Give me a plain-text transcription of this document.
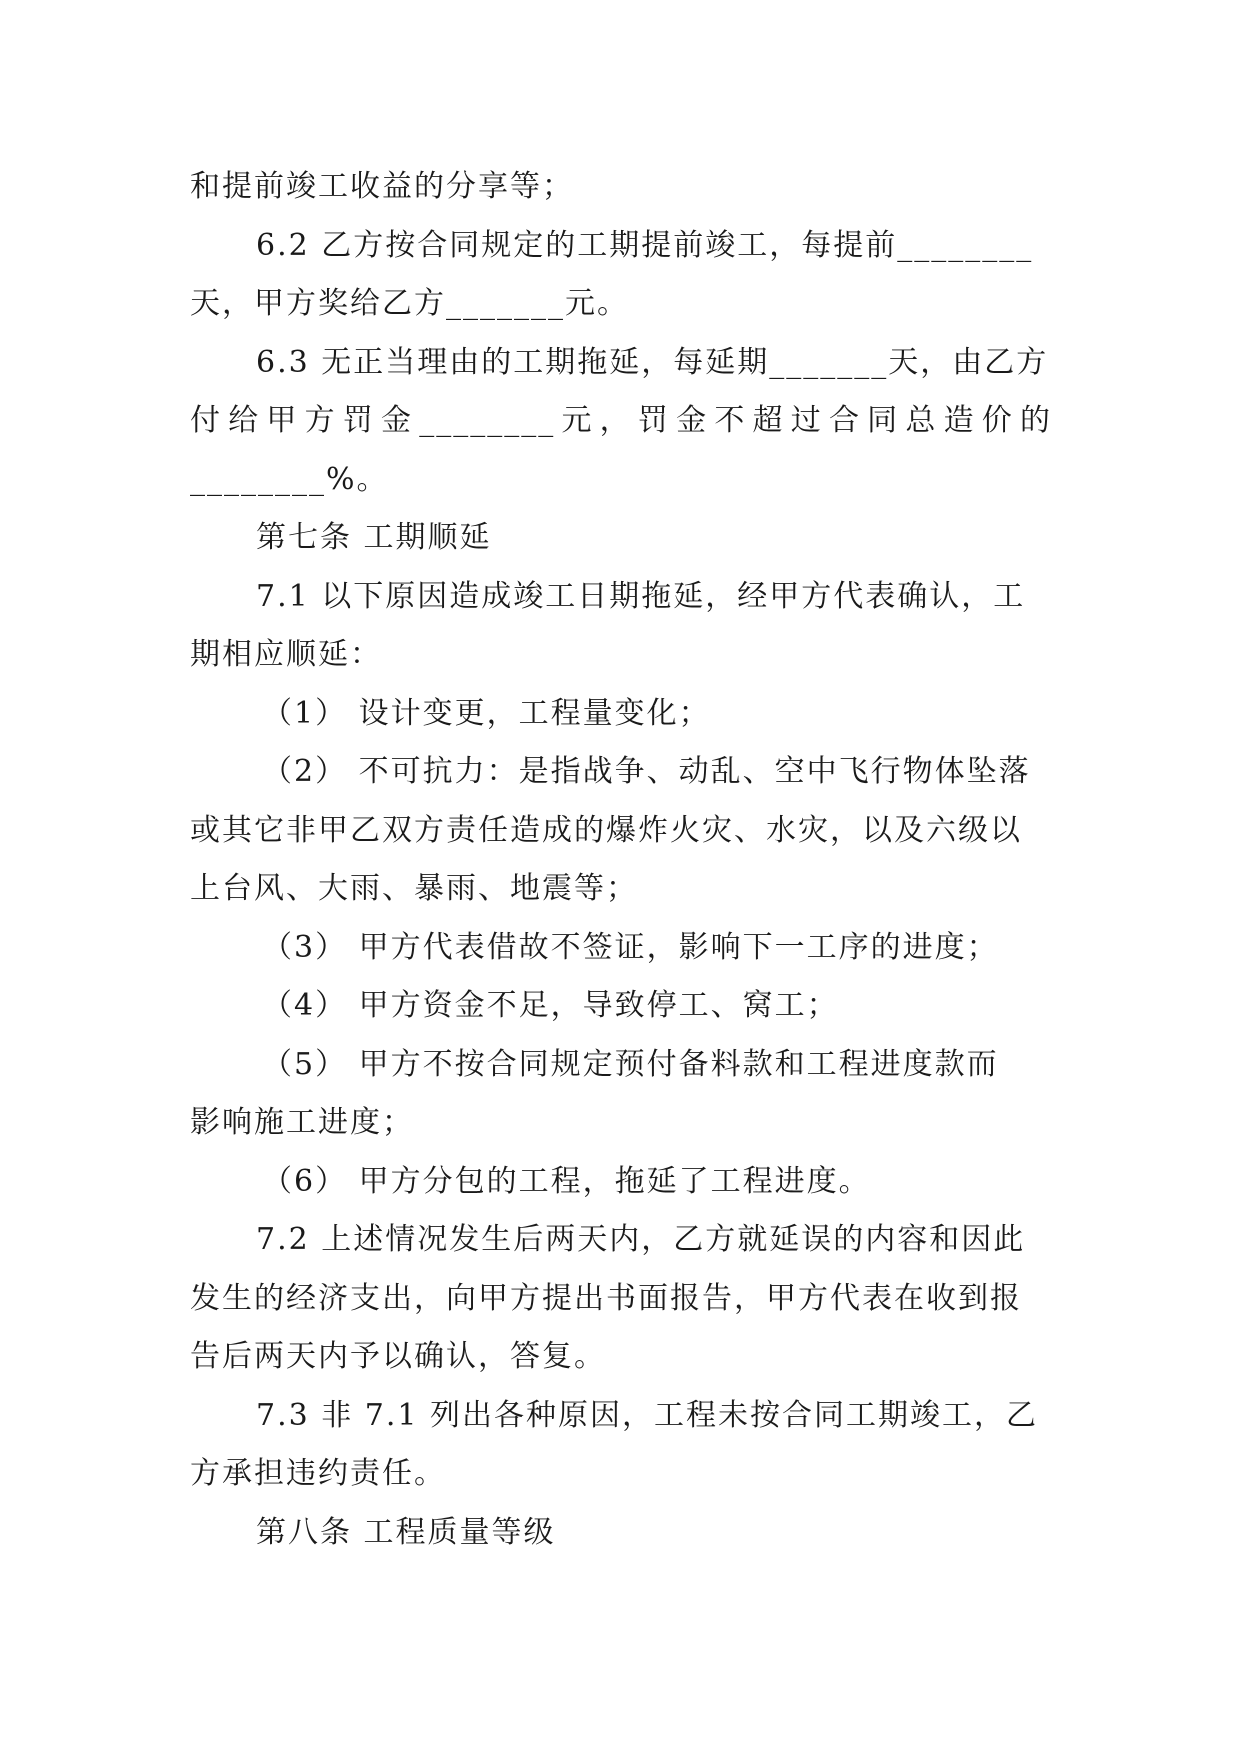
和提前竣工收益的分享等；
6.2 乙方按合同规定的工期提前竣工，每提前________
天，甲方奖给乙方_______元。
6.3 无正当理由的工期拖延，每延期_______天，由乙方
付给甲方罚金________元，罚金不超过合同总造价的
________%。
第七条 工期顺延
7.1 以下原因造成竣工日期拖延，经甲方代表确认，工
期相应顺延：
（1） 设计变更，工程量变化；
（2） 不可抗力：是指战争、动乱、空中飞行物体坠落
或其它非甲乙双方责任造成的爆炸火灾、水灾，以及六级以
上台风、大雨、暴雨、地震等；
（3） 甲方代表借故不签证，影响下一工序的进度；
（4） 甲方资金不足，导致停工、窝工；
（5） 甲方不按合同规定预付备料款和工程进度款而
影响施工进度；
（6） 甲方分包的工程，拖延了工程进度。
7.2 上述情况发生后两天内，乙方就延误的内容和因此
发生的经济支出，向甲方提出书面报告，甲方代表在收到报
告后两天内予以确认，答复。
7.3 非 7.1 列出各种原因，工程未按合同工期竣工，乙
方承担违约责任。
第八条 工程质量等级
